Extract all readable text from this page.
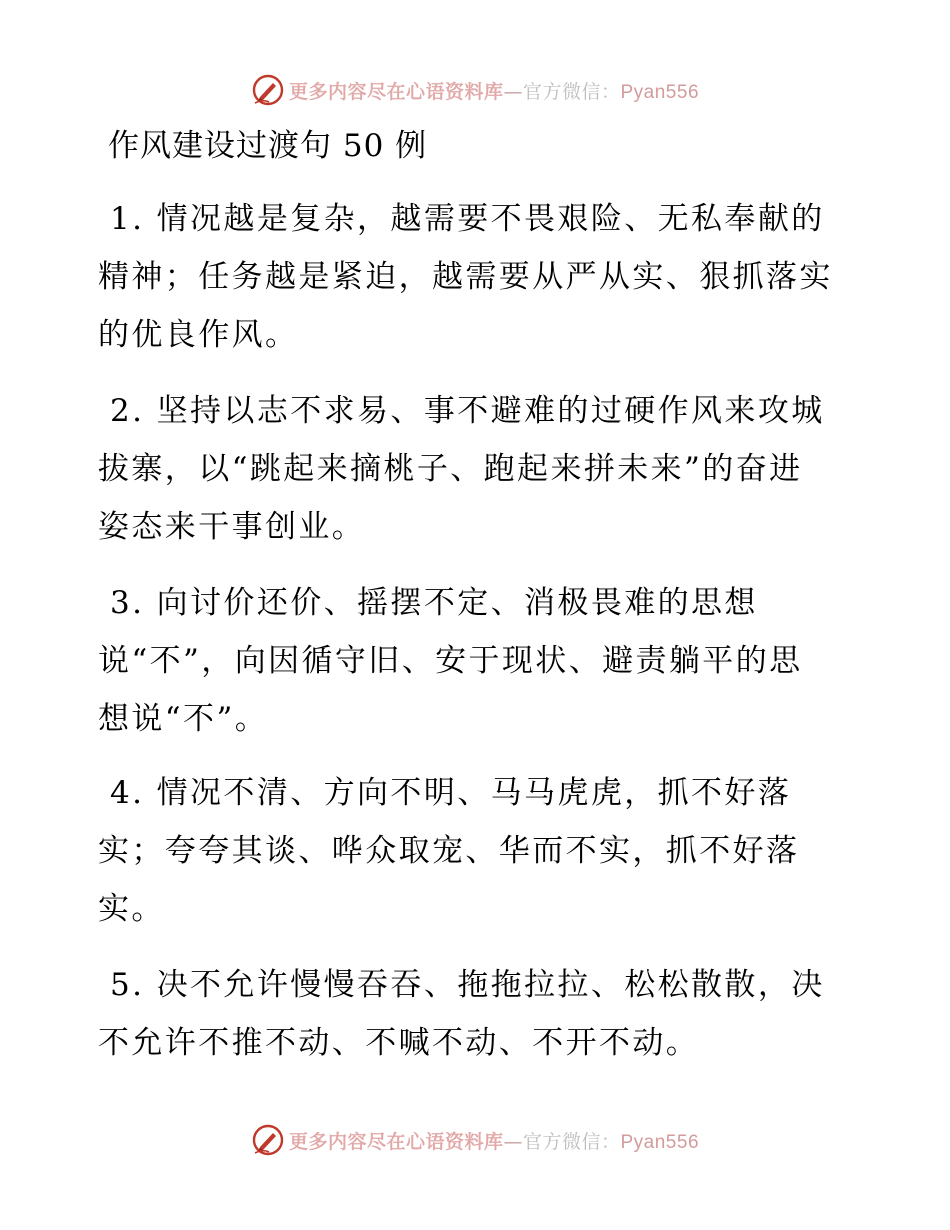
更多内容尽在心语资料库—官方微信：Pyan556
作风建设过渡句 50 例
1. 情况越是复杂，越需要不畏艰险、无私奉献的
精神；任务越是紧迫，越需要从严从实、狠抓落实
的优良作风。
2. 坚持以志不求易、事不避难的过硬作风来攻城
拔寨，以“跳起来摘桃子、跑起来拼未来”的奋进
姿态来干事创业。
3. 向讨价还价、摇摆不定、消极畏难的思想
说“不”，向因循守旧、安于现状、避责躺平的思
想说“不”。
4. 情况不清、方向不明、马马虎虎，抓不好落
实；夸夸其谈、哗众取宠、华而不实，抓不好落
实。
5. 决不允许慢慢吞吞、拖拖拉拉、松松散散，决
不允许不推不动、不喊不动、不开不动。
更多内容尽在心语资料库—官方微信：Pyan556
